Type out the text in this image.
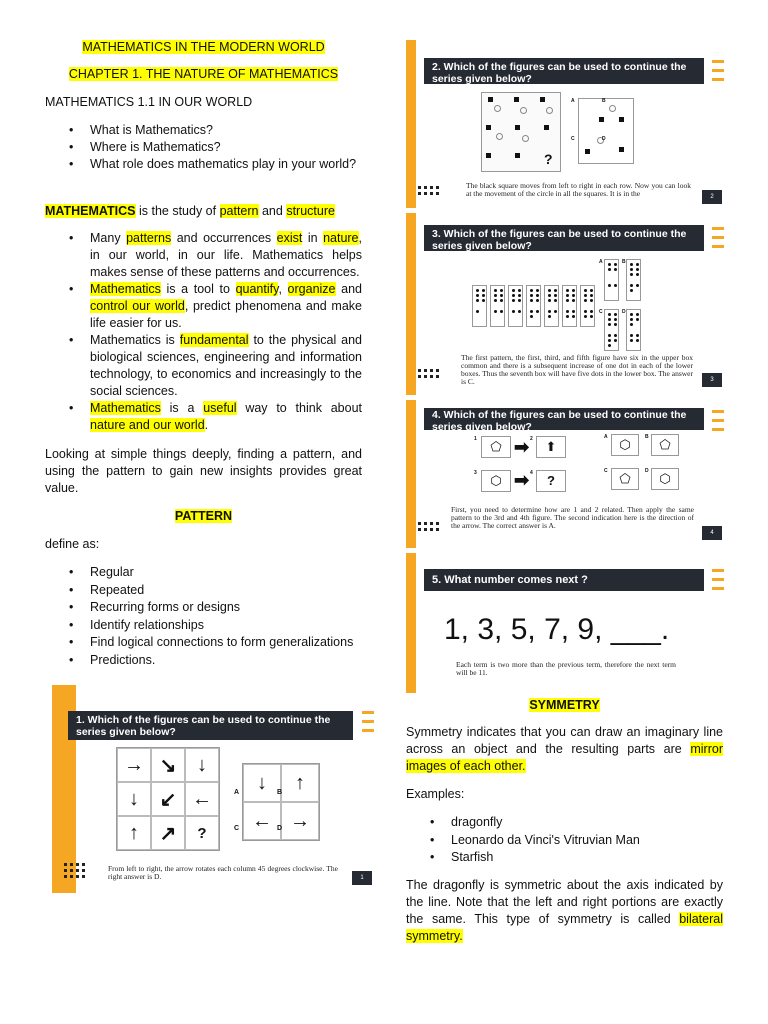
MATHEMATICS IN THE MODERN WORLD
CHAPTER 1. THE NATURE OF MATHEMATICS
MATHEMATICS 1.1 IN OUR WORLD
• What is Mathematics?
• Where is Mathematics?
• What role does mathematics play in your world?
MATHEMATICS is the study of pattern and structure
• Many patterns and occurrences exist in nature, in our world, in our life. Mathematics helps makes sense of these patterns and occurrences.
• Mathematics is a tool to quantify, organize and control our world, predict phenomena and make life easier for us.
• Mathematics is fundamental to the physical and biological sciences, engineering and information technology, to economics and increasingly to the social sciences.
• Mathematics is a useful way to think about nature and our world.
Looking at simple things deeply, finding a pattern, and using the pattern to gain new insights provides great value.
PATTERN
define as:
• Regular
• Repeated
• Recurring forms or designs
• Identify relationships
• Find logical connections to form generalizations
• Predictions.
1. Which of the figures can be used to continue the series given below?
→ ↘	↓
↓	↙ ←
↑	↗	?
↓	↑
← →
A	B
C	D
From left to right, the arrow rotates each column 45 degrees clockwise. The right answer is D.	1
2. Which of the figures can be used to continue the series given below?
?
A	B
C	D
The black square moves from left to right in each row. Now you can look at the movement of the circle in all the squares. It is in the	2
3. Which of the figures can be used to continue the series given below?
A	B
C	D
The first pattern, the first, third, and fifth figure have six in the upper box common and there is a subsequent increase of one dot in each of the lower boxes. Thus the seventh box will have five dots in the lower box. The answer is C.	3
4. Which of the figures can be used to continue the series given below?
⬠ ➡	⬆
⬡ ➡	?
1	2
3	4
⬡	⬠
⬠	⬡
A	B
C	D
First, you need to determine how are 1 and 2 related. Then apply the same pattern to the 3rd and 4th figure. The second indication here is the direction of the arrow. The correct answer is A.
4
5. What number comes next ?
1, 3, 5, 7, 9, ___.
Each term is two more than the previous term, therefore the next term will be 11.
SYMMETRY
Symmetry indicates that you can draw an imaginary line across an object and the resulting parts are mirror images of each other.
Examples:
• dragonfly
• Leonardo da Vinci's Vitruvian Man
• Starfish
The dragonfly is symmetric about the axis indicated by the line. Note that the left and right portions are exactly the same. This type of symmetry is called bilateral symmetry.
